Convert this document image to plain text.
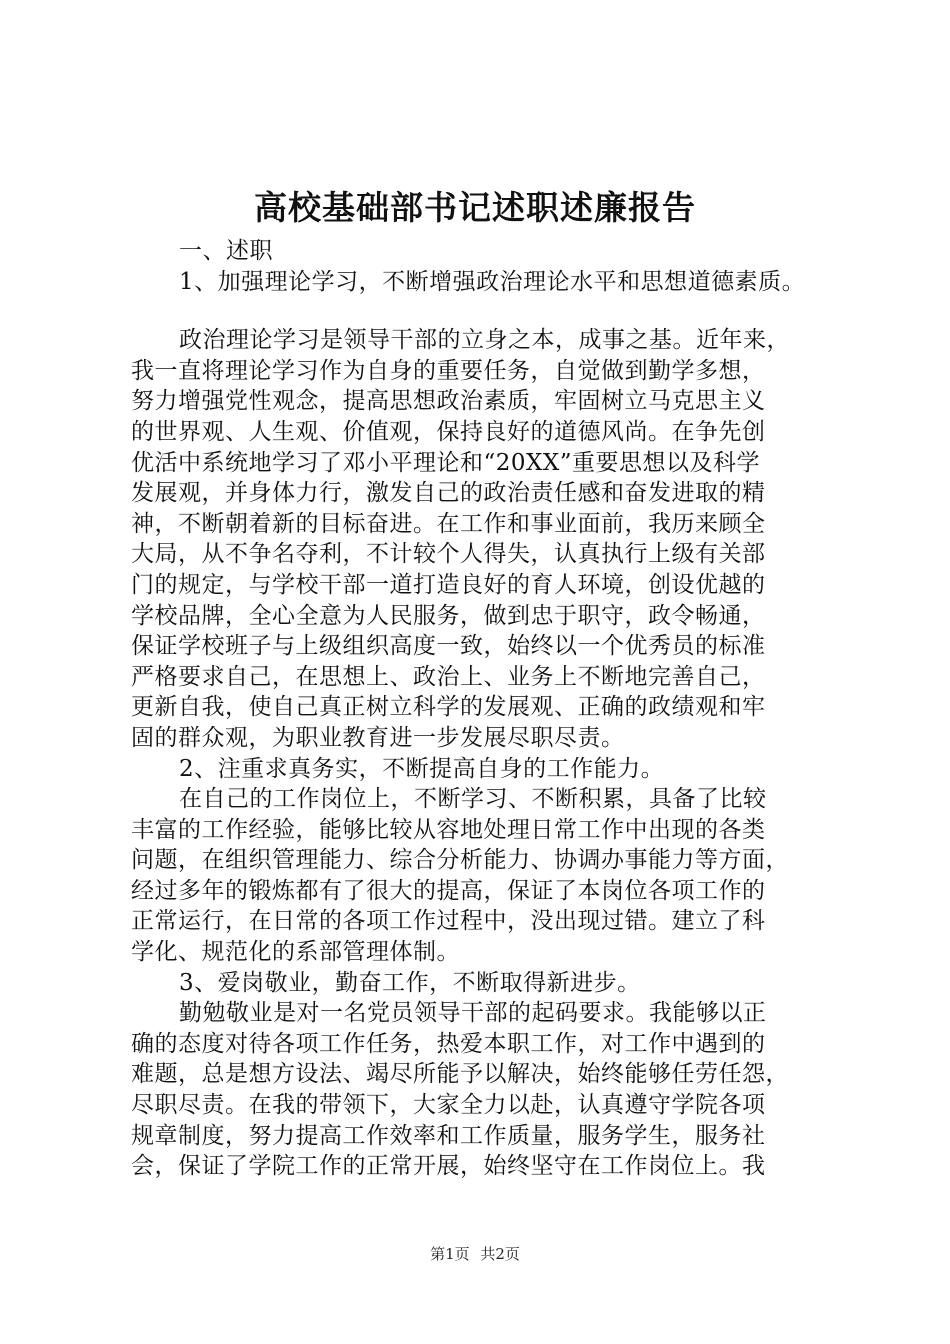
高校基础部书记述职述廉报告
一、述职
1、加强理论学习，不断增强政治理论水平和思想道德素质。
政治理论学习是领导干部的立身之本，成事之基。近年来，
我一直将理论学习作为自身的重要任务，自觉做到勤学多想，
努力增强党性观念，提高思想政治素质，牢固树立马克思主义
的世界观、人生观、价值观，保持良好的道德风尚。在争先创
优活中系统地学习了邓小平理论和“20XX”重要思想以及科学
发展观，并身体力行，激发自己的政治责任感和奋发进取的精
神，不断朝着新的目标奋进。在工作和事业面前，我历来顾全
大局，从不争名夺利，不计较个人得失，认真执行上级有关部
门的规定，与学校干部一道打造良好的育人环境，创设优越的
学校品牌，全心全意为人民服务，做到忠于职守，政令畅通，
保证学校班子与上级组织高度一致，始终以一个优秀员的标准
严格要求自己，在思想上、政治上、业务上不断地完善自己，
更新自我，使自己真正树立科学的发展观、正确的政绩观和牢
固的群众观，为职业教育进一步发展尽职尽责。
2、注重求真务实，不断提高自身的工作能力。
在自己的工作岗位上，不断学习、不断积累，具备了比较
丰富的工作经验，能够比较从容地处理日常工作中出现的各类
问题，在组织管理能力、综合分析能力、协调办事能力等方面，
经过多年的锻炼都有了很大的提高，保证了本岗位各项工作的
正常运行，在日常的各项工作过程中，没出现过错。建立了科
学化、规范化的系部管理体制。
3、爱岗敬业，勤奋工作，不断取得新进步。
勤勉敬业是对一名党员领导干部的起码要求。我能够以正
确的态度对待各项工作任务，热爱本职工作，对工作中遇到的
难题，总是想方设法、竭尽所能予以解决，始终能够任劳任怨，
尽职尽责。在我的带领下，大家全力以赴，认真遵守学院各项
规章制度，努力提高工作效率和工作质量，服务学生，服务社
会，保证了学院工作的正常开展，始终坚守在工作岗位上。我
第1页 共2页
